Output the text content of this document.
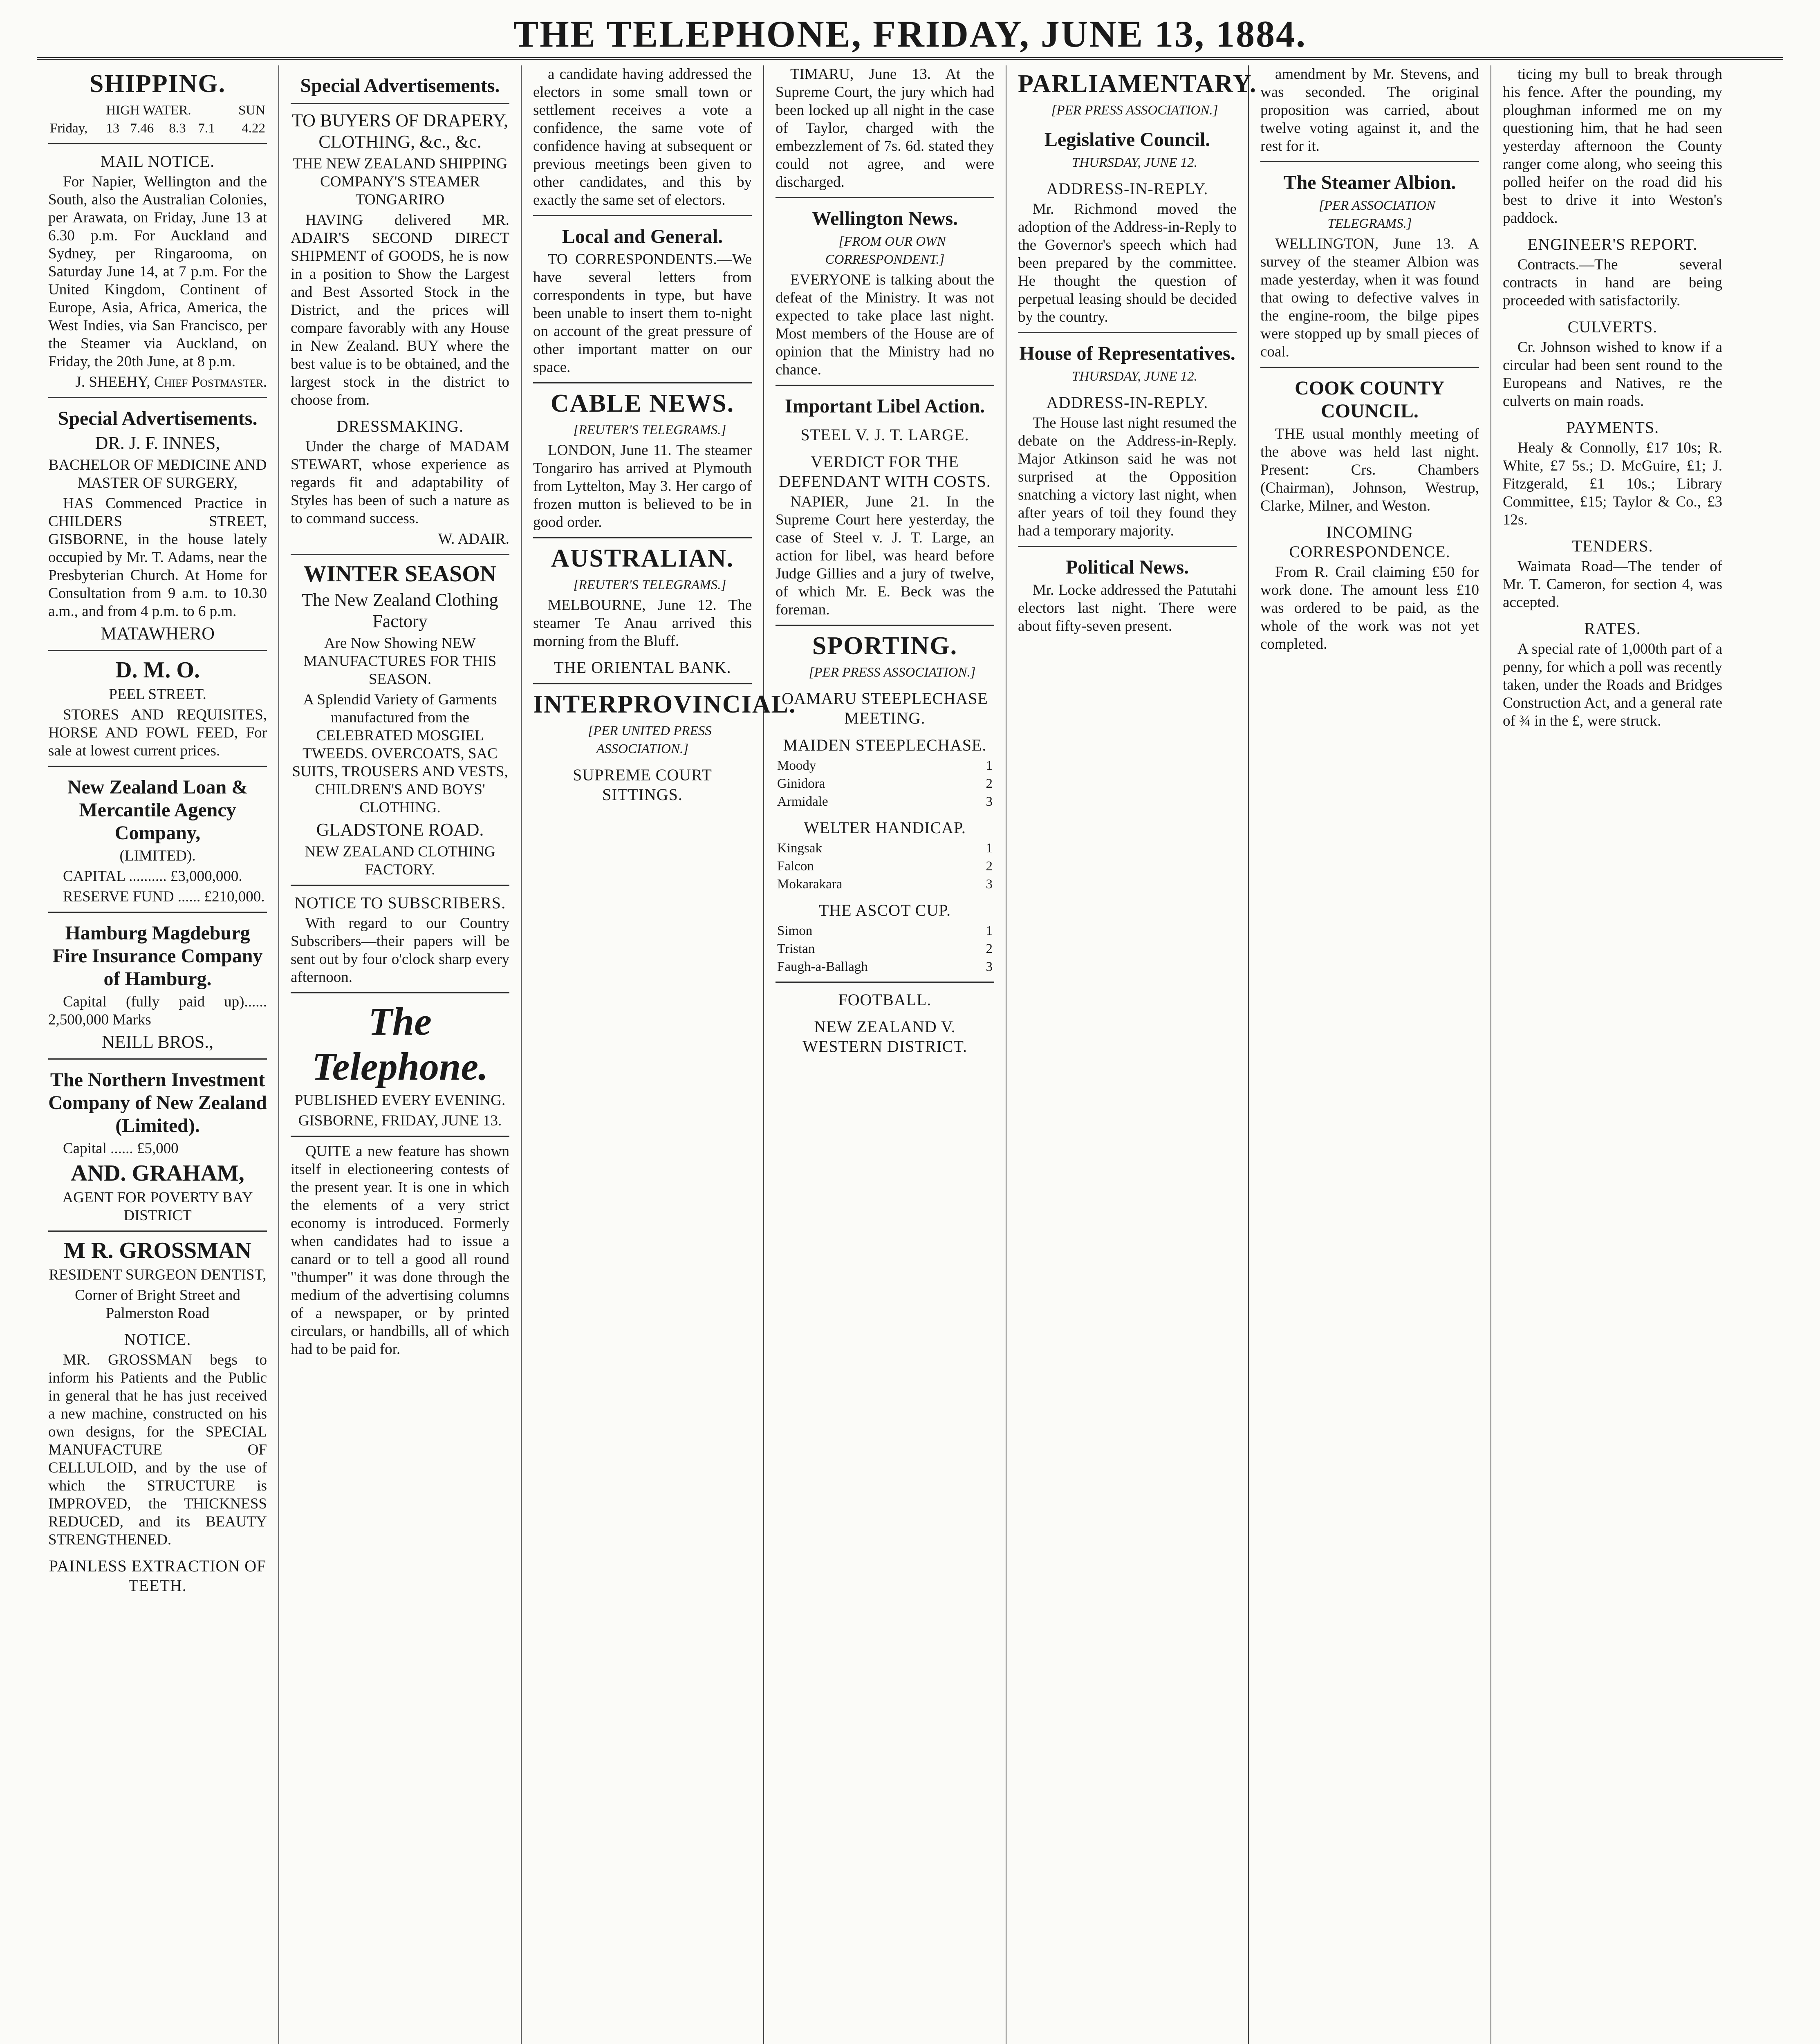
THE TELEPHONE, FRIDAY, JUNE 13, 1884.
SHIPPING.
	HIGH WATER.				SUN
Friday,	13	7.46	8.3	7.1	4.22
MAIL NOTICE.

For Napier, Wellington and the South, also the Australian Colonies, per Arawata, on Friday, June 13 at 6.30 p.m. For Auckland and Sydney, per Ringarooma, on Saturday June 14, at 7 p.m. For the United Kingdom, Continent of Europe, Asia, Africa, America, the West Indies, via San Francisco, per the Steamer via Auckland, on Friday, the 20th June, at 8 p.m.

J. SHEEHY, Chief Postmaster.

Special Advertisements.

DR. J. F. INNES,

BACHELOR OF MEDICINE AND MASTER OF SURGERY,

HAS Commenced Practice in CHILDERS STREET, GISBORNE, in the house lately occupied by Mr. T. Adams, near the Presbyterian Church. At Home for Consultation from 9 a.m. to 10.30 a.m., and from 4 p.m. to 6 p.m.

MATAWHERO

D. M. O.

PEEL STREET.

STORES AND REQUISITES, HORSE AND FOWL FEED, For sale at lowest current prices.

New Zealand Loan & Mercantile Agency Company,

(LIMITED).

CAPITAL .......... £3,000,000.

RESERVE FUND ...... £210,000.

Hamburg Magdeburg Fire Insurance Company of Hamburg.

Capital (fully paid up)...... 2,500,000 Marks

NEILL BROS.,

The Northern Investment Company of New Zealand (Limited).

Capital ...... £5,000

AND. GRAHAM,

AGENT FOR POVERTY BAY DISTRICT

M R. GROSSMAN

RESIDENT SURGEON DENTIST,

Corner of Bright Street and Palmerston Road

NOTICE.

MR. GROSSMAN begs to inform his Patients and the Public in general that he has just received a new machine, constructed on his own designs, for the SPECIAL MANUFACTURE OF CELLULOID, and by the use of which the STRUCTURE is IMPROVED, the THICKNESS REDUCED, and its BEAUTY STRENGTHENED.

PAINLESS EXTRACTION OF TEETH.
Special Advertisements.

TO BUYERS OF DRAPERY, CLOTHING, &c., &c.

THE NEW ZEALAND SHIPPING COMPANY'S STEAMER TONGARIRO

HAVING delivered MR. ADAIR'S SECOND DIRECT SHIPMENT of GOODS, he is now in a position to Show the Largest and Best Assorted Stock in the District, and the prices will compare favorably with any House in New Zealand. BUY where the best value is to be obtained, and the largest stock in the district to choose from.

DRESSMAKING.

Under the charge of MADAM STEWART, whose experience as regards fit and adaptability of Styles has been of such a nature as to command success.

W. ADAIR.

WINTER SEASON

The New Zealand Clothing Factory

Are Now Showing NEW MANUFACTURES FOR THIS SEASON.

A Splendid Variety of Garments manufactured from the CELEBRATED MOSGIEL TWEEDS. OVERCOATS, SAC SUITS, TROUSERS AND VESTS, CHILDREN'S AND BOYS' CLOTHING.

GLADSTONE ROAD.

NEW ZEALAND CLOTHING FACTORY.

NOTICE TO SUBSCRIBERS.

With regard to our Country Subscribers—their papers will be sent out by four o'clock sharp every afternoon.

The Telephone.

PUBLISHED EVERY EVENING.

GISBORNE, FRIDAY, JUNE 13.

QUITE a new feature has shown itself in electioneering contests of the present year. It is one in which the elements of a very strict economy is introduced. Formerly when candidates had to issue a canard or to tell a good all round "thumper" it was done through the medium of the advertising columns of a newspaper, or by printed circulars, or handbills, all of which had to be paid for.

a candidate having addressed the electors in some small town or settlement receives a vote a confidence, the same vote of confidence having at subsequent or previous meetings been given to other candidates, and this by exactly the same set of electors.

Local and General.

TO CORRESPONDENTS.—We have several letters from correspondents in type, but have been unable to insert them to-night on account of the great pressure of other important matter on our space.

CABLE NEWS.

[REUTER'S TELEGRAMS.]

LONDON, June 11. The steamer Tongariro has arrived at Plymouth from Lyttelton, May 3. Her cargo of frozen mutton is believed to be in good order.

AUSTRALIAN.

[REUTER'S TELEGRAMS.]

MELBOURNE, June 12. The steamer Te Anau arrived this morning from the Bluff.

THE ORIENTAL BANK.
INTERPROVINCIAL.

[PER UNITED PRESS ASSOCIATION.]

SUPREME COURT SITTINGS.

TIMARU, June 13. At the Supreme Court, the jury which had been locked up all night in the case of Taylor, charged with the embezzlement of 7s. 6d. stated they could not agree, and were discharged.

Wellington News.

[FROM OUR OWN CORRESPONDENT.]

EVERYONE is talking about the defeat of the Ministry. It was not expected to take place last night. Most members of the House are of opinion that the Ministry had no chance.

Important Libel Action.
STEEL V. J. T. LARGE.
VERDICT FOR THE DEFENDANT WITH COSTS.

NAPIER, June 21. In the Supreme Court here yesterday, the case of Steel v. J. T. Large, an action for libel, was heard before Judge Gillies and a jury of twelve, of which Mr. E. Beck was the foreman.

SPORTING.

[PER PRESS ASSOCIATION.]

OAMARU STEEPLECHASE MEETING.
MAIDEN STEEPLECHASE.
Moody	1
Ginidora	2
Armidale	3
WELTER HANDICAP.
Kingsak	1
Falcon	2
Mokarakara	3
THE ASCOT CUP.
Simon	1
Tristan	2
Faugh-a-Ballagh	3
FOOTBALL.
NEW ZEALAND V. WESTERN DISTRICT.
PARLIAMENTARY.

[PER PRESS ASSOCIATION.]

Legislative Council.

THURSDAY, JUNE 12.

ADDRESS-IN-REPLY.

Mr. Richmond moved the adoption of the Address-in-Reply to the Governor's speech which had been prepared by the committee. He thought the question of perpetual leasing should be decided by the country.

House of Representatives.

THURSDAY, JUNE 12.

ADDRESS-IN-REPLY.

The House last night resumed the debate on the Address-in-Reply. Major Atkinson said he was not surprised at the Opposition snatching a victory last night, when after years of toil they found they had a temporary majority.

Political News.

Mr. Locke addressed the Patutahi electors last night. There were about fifty-seven present.

amendment by Mr. Stevens, and was seconded. The original proposition was carried, about twelve voting against it, and the rest for it.

The Steamer Albion.

[PER ASSOCIATION TELEGRAMS.]

WELLINGTON, June 13. A survey of the steamer Albion was made yesterday, when it was found that owing to defective valves in the engine-room, the bilge pipes were stopped up by small pieces of coal.

COOK COUNTY COUNCIL.

THE usual monthly meeting of the above was held last night. Present: Crs. Chambers (Chairman), Johnson, Westrup, Clarke, Milner, and Weston.

INCOMING CORRESPONDENCE.

From R. Crail claiming £50 for work done. The amount less £10 was ordered to be paid, as the whole of the work was not yet completed.

ticing my bull to break through his fence. After the pounding, my ploughman informed me on my questioning him, that he had seen yesterday afternoon the County ranger come along, who seeing this polled heifer on the road did his best to drive it into Weston's paddock.

ENGINEER'S REPORT.

Contracts.—The several contracts in hand are being proceeded with satisfactorily.

CULVERTS.

Cr. Johnson wished to know if a circular had been sent round to the Europeans and Natives, re the culverts on main roads.

PAYMENTS.

Healy & Connolly, £17 10s; R. White, £7 5s.; D. McGuire, £1; J. Fitzgerald, £1 10s.; Library Committee, £15; Taylor & Co., £3 12s.

TENDERS.

Waimata Road—The tender of Mr. T. Cameron, for section 4, was accepted.

RATES.

A special rate of 1,000th part of a penny, for which a poll was recently taken, under the Roads and Bridges Construction Act, and a general rate of ¾ in the £, were struck.
